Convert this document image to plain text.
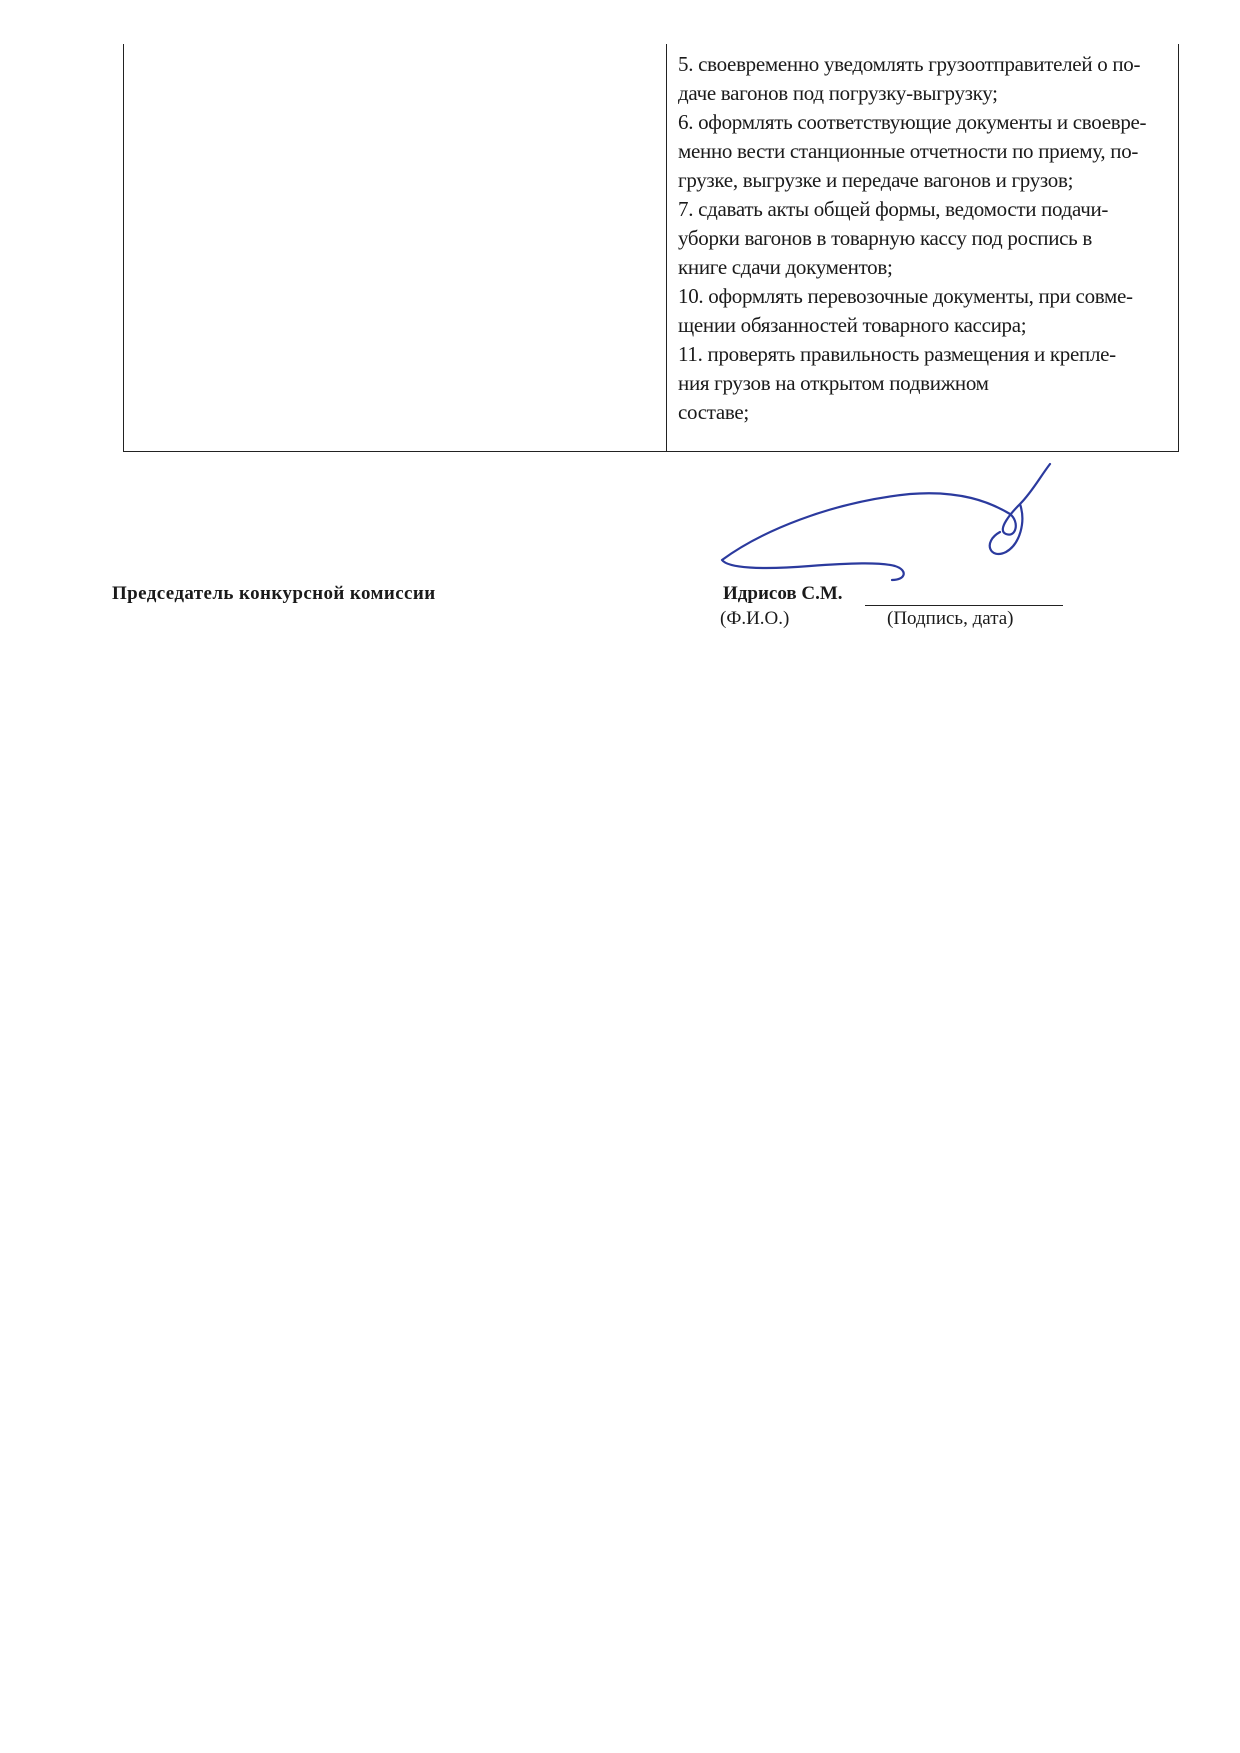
5. своевременно уведомлять грузоотправителей о по-
даче вагонов под погрузку-выгрузку;
6. оформлять соответствующие документы и своевре-
менно вести станционные отчетности по приему, по-
грузке, выгрузке и передаче вагонов и грузов;
7. сдавать акты общей формы, ведомости подачи-
уборки вагонов в товарную кассу под роспись в
книге сдачи документов;
10. оформлять перевозочные документы, при совме-
щении обязанностей товарного кассира;
11. проверять правильность размещения и крепле-
ния грузов на открытом подвижном
составе;
Председатель конкурсной комиссии	Идрисов С.М.
(Ф.И.О.)	(Подпись, дата)
